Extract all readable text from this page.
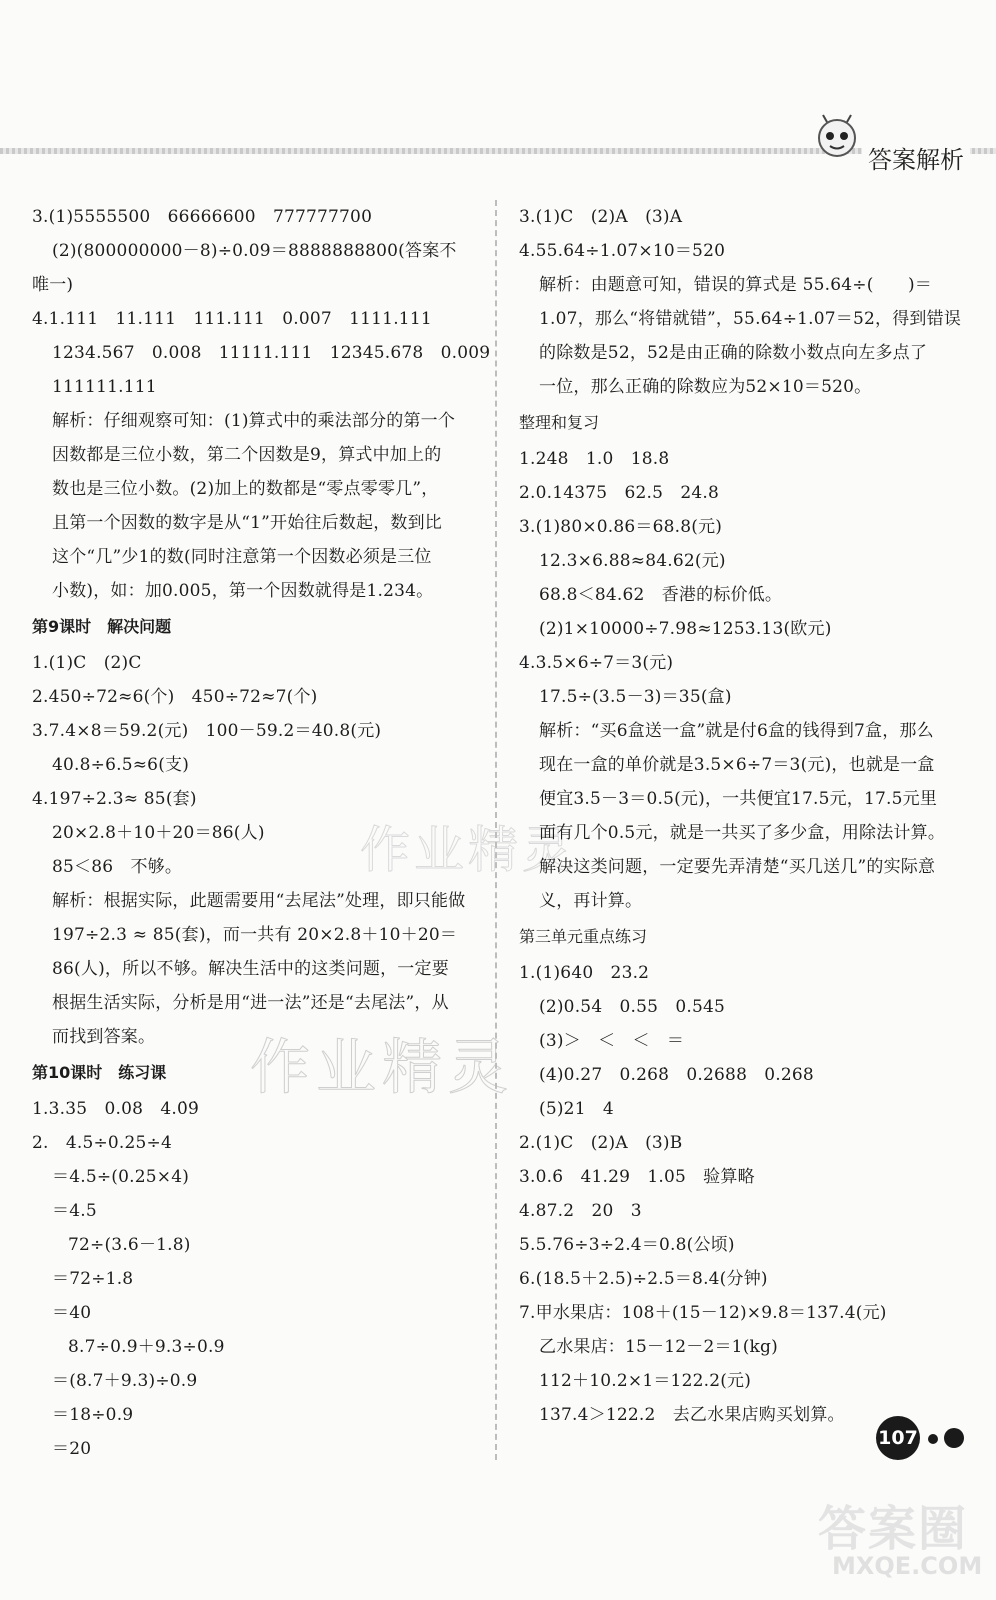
答案解析
作业精灵
作业精灵
3.(1)5555500　66666600　777777700
(2)(800000000－8)÷0.09＝8888888800(答案不
唯一)
4.1.111　11.111　111.111　0.007　1111.111
1234.567　0.008　11111.111　12345.678　0.009
111111.111
解析：仔细观察可知：(1)算式中的乘法部分的第一个
因数都是三位小数，第二个因数是9，算式中加上的
数也是三位小数。(2)加上的数都是“零点零零几”，
且第一个因数的数字是从“1”开始往后数起，数到比
这个“几”少1的数(同时注意第一个因数必须是三位
小数)，如：加0.005，第一个因数就得是1.234。
第9课时　解决问题
1.(1)C　(2)C
2.450÷72≈6(个)　450÷72≈7(个)
3.7.4×8＝59.2(元)　100－59.2＝40.8(元)
40.8÷6.5≈6(支)
4.197÷2.3≈ 85(套)
20×2.8＋10＋20＝86(人)
85＜86　不够。
解析：根据实际，此题需要用“去尾法”处理，即只能做
197÷2.3 ≈ 85(套)，而一共有 20×2.8＋10＋20＝
86(人)，所以不够。解决生活中的这类问题，一定要
根据生活实际，分析是用“进一法”还是“去尾法”，从
而找到答案。
第10课时　练习课
1.3.35　0.08　4.0̇9̇
2.　4.5÷0.25÷4
＝4.5÷(0.25×4)
＝4.5
72÷(3.6－1.8)
＝72÷1.8
＝40
8.7÷0.9＋9.3÷0.9
＝(8.7＋9.3)÷0.9
＝18÷0.9
＝20
3.(1)C　(2)A　(3)A
4.55.64÷1.07×10＝520
解析：由题意可知，错误的算式是 55.64÷(　　)＝
1.07，那么“将错就错”，55.64÷1.07＝52，得到错误
的除数是52，52是由正确的除数小数点向左多点了
一位，那么正确的除数应为52×10＝520。
整理和复习
1.248　1.0　18.8̇
2.0.14375　62.5　24.8
3.(1)80×0.86＝68.8(元)
12.3×6.88≈84.62(元)
68.8＜84.62　香港的标价低。
(2)1×10000÷7.98≈1253.13(欧元)
4.3.5×6÷7＝3(元)
17.5÷(3.5－3)＝35(盒)
解析：“买6盒送一盒”就是付6盒的钱得到7盒，那么
现在一盒的单价就是3.5×6÷7＝3(元)，也就是一盒
便宜3.5－3＝0.5(元)，一共便宜17.5元，17.5元里
面有几个0.5元，就是一共买了多少盒，用除法计算。
解决这类问题，一定要先弄清楚“买几送几”的实际意
义，再计算。
第三单元重点练习
1.(1)640　23.2
(2)0.5̇4̇　0.55　0.545
(3)＞　＜　＜　＝
(4)0.27　0.268̇　0.2688　0.268
(5)21　4
2.(1)C　(2)A　(3)B
3.0.6̇　41.29　1.05　验算略
4.87.2　20　3
5.5.76÷3÷2.4＝0.8(公顷)
6.(18.5＋2.5)÷2.5＝8.4(分钟)
7.甲水果店：108＋(15－12)×9.8＝137.4(元)
乙水果店：15－12－2＝1(kg)
112＋10.2×1＝122.2(元)
137.4＞122.2　去乙水果店购买划算。
107
答案圈
MXQE.COM
